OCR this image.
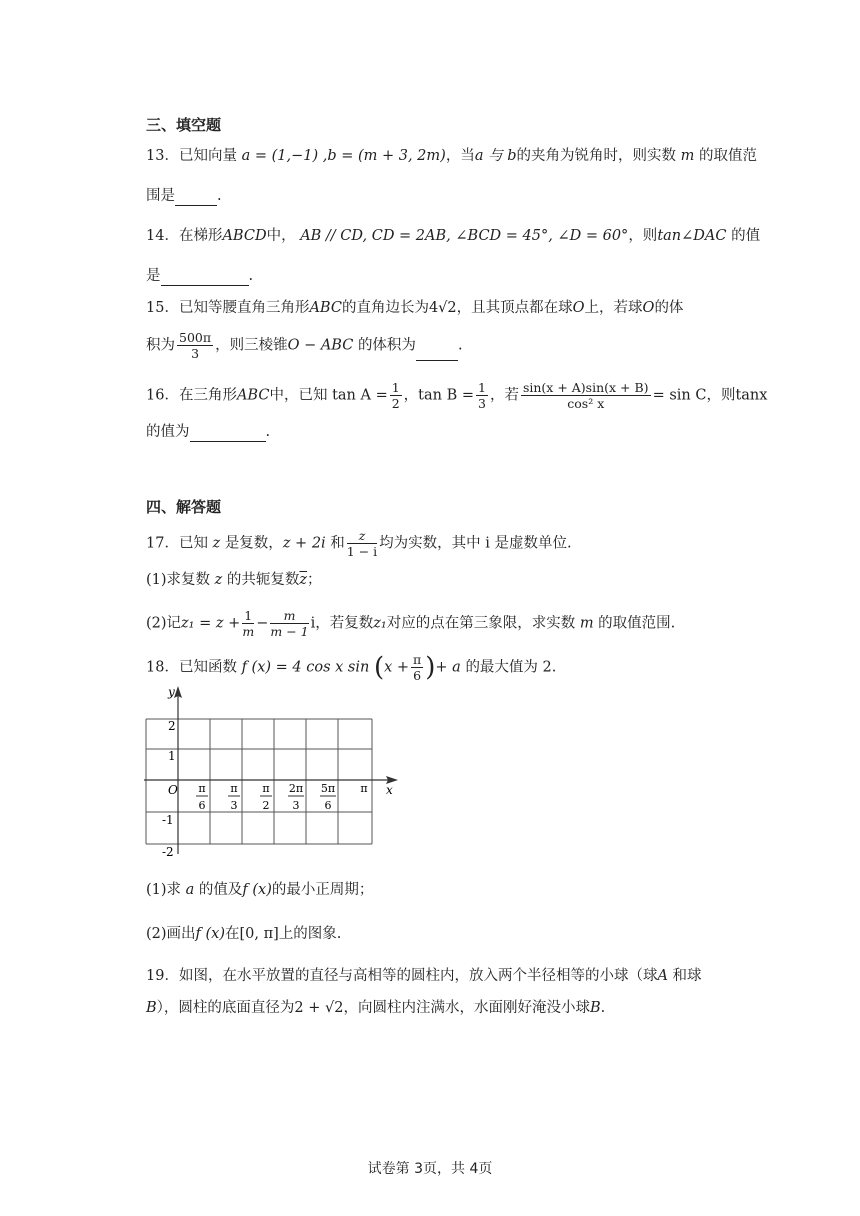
三、填空题
13．已知向量 a = (1,−1) ,b = (m + 3, 2m)，当a 与 b的夹角为锐角时，则实数 m 的取值范
围是	.
14．在梯形ABCD中， AB // CD, CD = 2AB, ∠BCD = 45°, ∠D = 60°，则tan∠DAC 的值
是	.
15．已知等腰直角三角形ABC的直角边长为4√2，且其顶点都在球O上，若球O的体
积为 $\frac{500\pi}{3}$ ，则三棱锥O − ABC 的体积为	.
16．在三角形ABC中，已知 $\tan A = \frac{1}{2}$ ，$\tan B = \frac{1}{3}$ ，若 $\frac{\sin(x + A)\sin(x + B)}{\text{cos² x}} = \sin C$，则tanx
的值为	.
四、解答题
17．已知 z 是复数，z + 2i 和 $\frac{z}{1 - i}$ 均为实数，其中 i 是虚数单位.
(1)求复数 z 的共轭复数$\overline{z}$；
(2)记$z_1 = z + \frac{1}{m} - \frac{m}{m - 1}$ i，若复数z₁对应的点在第三象限，求实数 m 的取值范围.
18．已知函数 f (x) = 4 cos x $\sin (x + \frac{\pi}{6}$ )+ a 的最大值为 2.
y
x
O
2
1
-1
-2
π
6
π
3
π
2
2π
3
5π
6
π
(1)求 a 的值及f (x)的最小正周期；
(2)画出f (x)在[0, π]上的图象.
19．如图，在水平放置的直径与高相等的圆柱内，放入两个半径相等的小球（球A 和球
B），圆柱的底面直径为2 + √2，向圆柱内注满水，水面刚好淹没小球B.
试卷第 3页，共 4页
